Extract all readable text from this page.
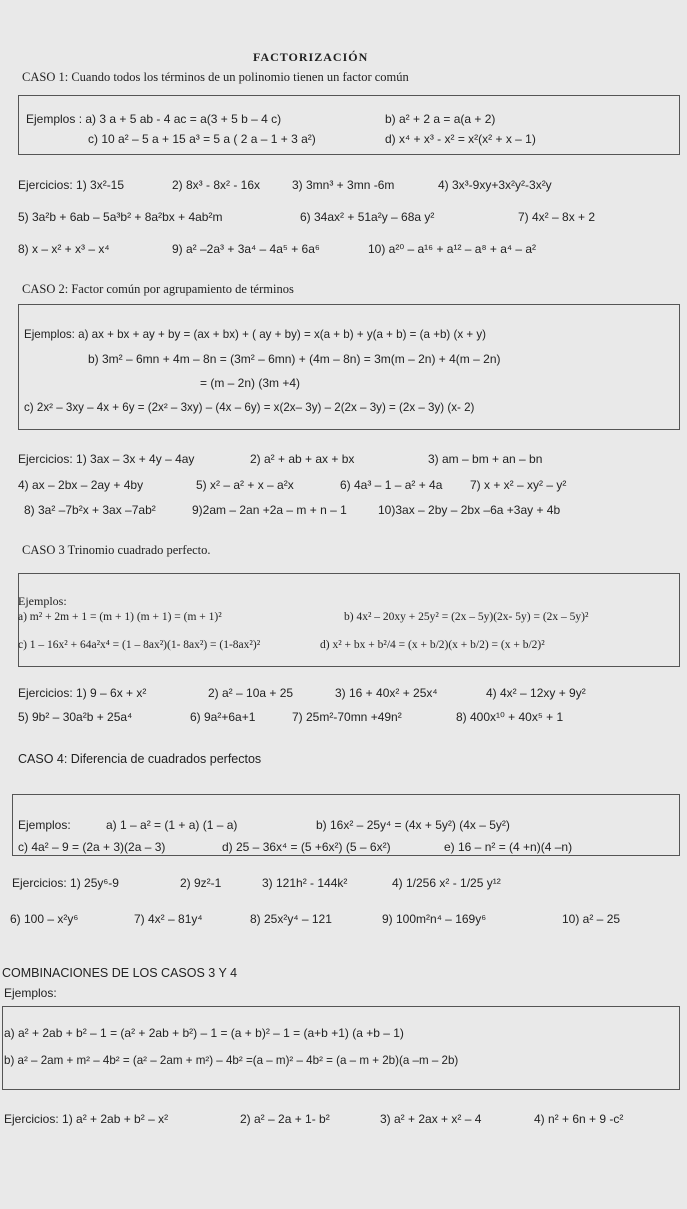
FACTORIZACIÓN
CASO 1: Cuando todos los términos de un polinomio tienen un factor común
Ejemplos : a) 3 a + 5 ab - 4 ac = a(3 + 5 b – 4 c)	b) a² + 2 a = a(a + 2)
c) 10 a² – 5 a + 15 a³ = 5 a ( 2 a – 1 + 3 a²)	d) x⁴ + x³ - x² = x²(x² + x – 1)
Ejercicios: 1) 3x²-15	2) 8x³ - 8x² - 16x	3) 3mn³ + 3mn -6m	4) 3x³-9xy+3x²y²-3x²y
5) 3a²b + 6ab – 5a³b² + 8a²bx + 4ab²m	6) 34ax² + 51a²y – 68a y²	7) 4x² – 8x + 2
8) x – x² + x³ – x⁴	9) a² –2a³ + 3a⁴ – 4a⁵ + 6a⁶	10) a²⁰ – a¹⁶ + a¹² – a⁸ + a⁴ – a²
CASO 2: Factor común por agrupamiento de términos
Ejemplos: a) ax + bx + ay + by = (ax + bx) + ( ay + by) = x(a + b) + y(a + b) = (a +b) (x + y)
b) 3m² – 6mn + 4m – 8n = (3m² – 6mn) + (4m – 8n) = 3m(m – 2n) + 4(m – 2n)
= (m – 2n) (3m +4)
c) 2x² – 3xy – 4x + 6y = (2x² – 3xy) – (4x – 6y) = x(2x– 3y) – 2(2x – 3y) = (2x – 3y) (x- 2)
Ejercicios: 1) 3ax – 3x + 4y – 4ay	2) a² + ab + ax + bx	3) am – bm + an – bn
4) ax – 2bx – 2ay + 4by	5) x² – a² + x – a²x	6) 4a³ – 1 – a² + 4a 7) x + x² – xy² – y²
8) 3a² –7b²x + 3ax –7ab²	9)2am – 2an +2a – m + n – 1	10)3ax – 2by – 2bx –6a +3ay + 4b
CASO 3 Trinomio cuadrado perfecto.
Ejemplos:
a) m² + 2m + 1 = (m + 1) (m + 1) = (m + 1)²	b) 4x² – 20xy + 25y² = (2x – 5y)(2x- 5y) = (2x – 5y)²
c) 1 – 16x² + 64a²x⁴ = (1 – 8ax²)(1- 8ax²) = (1-8ax²)²	d) x² + bx + b²/4 = (x + b/2)(x + b/2) = (x + b/2)²
Ejercicios: 1) 9 – 6x + x²	2) a² – 10a + 25	3) 16 + 40x² + 25x⁴	4) 4x² – 12xy + 9y²
5) 9b² – 30a²b + 25a⁴	6) 9a²+6a+1	7) 25m²-70mn +49n²	8) 400x¹⁰ + 40x⁵ + 1
CASO 4: Diferencia de cuadrados perfectos
Ejemplos:	a) 1 – a² = (1 + a) (1 – a)	b) 16x² – 25y⁴ = (4x + 5y²) (4x – 5y²)
c) 4a² – 9 = (2a + 3)(2a – 3)	d) 25 – 36x⁴ = (5 +6x²) (5 – 6x²)	e) 16 – n² = (4 +n)(4 –n)
Ejercicios: 1) 25y⁶-9	2) 9z²-1	3) 121h² - 144k²	4) 1/256 x² - 1/25 y¹²
6) 100 – x²y⁶	7) 4x² – 81y⁴	8) 25x²y⁴ – 121	9) 100m²n⁴ – 169y⁶	10) a² – 25
COMBINACIONES DE LOS CASOS 3 Y 4
Ejemplos:
a) a² + 2ab + b² – 1 = (a² + 2ab + b²) – 1 = (a + b)² – 1 = (a+b +1) (a +b – 1)
b) a² – 2am + m² – 4b² = (a² – 2am + m²) – 4b² =(a – m)² – 4b² = (a – m + 2b)(a –m – 2b)
Ejercicios: 1) a² + 2ab + b² – x²	2) a² – 2a + 1- b²	3) a² + 2ax + x² – 4	4) n² + 6n + 9 -c²
